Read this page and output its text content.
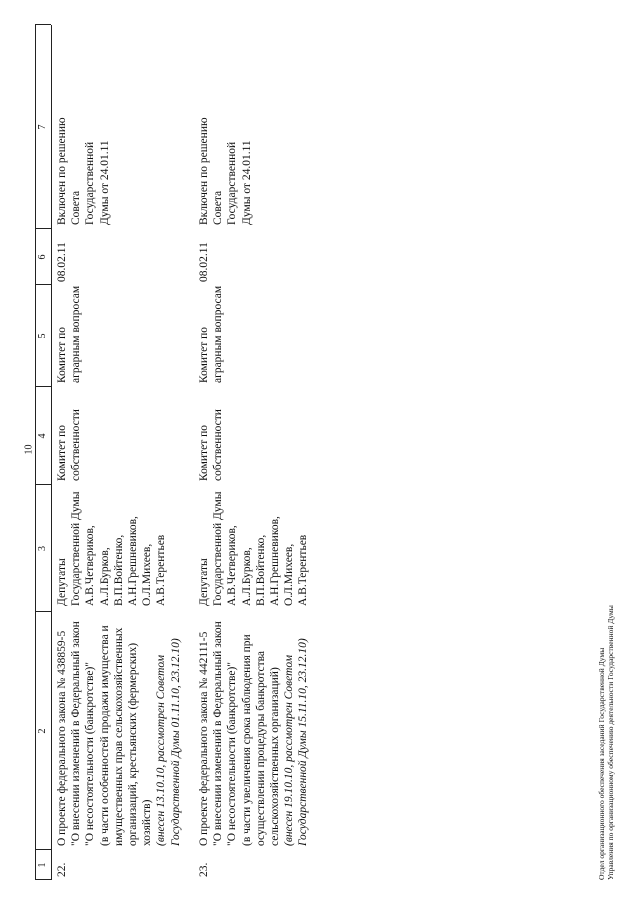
10
1
2
3
4
5
6
7
22.
О проекте федерального закона № 438859-5
"О внесении изменений в Федеральный закон "О несостоятельности (банкротстве)"
(в части особенностей продажи имущества и имущественных прав сельскохозяйственных организаций, крестьянских (фермерских) хозяйств) (внесен 13.10.10, рассмотрен Советом Государственной Думы 01.11.10, 23.12.10)
Депутаты
Государственной Думы
А.В.Четвериков,
А.Л.Бурков,
В.П.Войтенко,
А.Н.Грешневиков,
О.Л.Михеев,
А.В.Терентьев
Комитет по собственности
Комитет по аграрным вопросам
08.02.11
Включен по решению Совета Государственной Думы от 24.01.11
23.
О проекте федерального закона № 442111-5
"О внесении изменений в Федеральный закон "О несостоятельности (банкротстве)"
(в части увеличения срока наблюдения при осуществлении процедуры банкротства сельскохозяйственных организаций) (внесен 19.10.10, рассмотрен Советом Государственной Думы 15.11.10, 23.12.10)
Депутаты
Государственной Думы
А.В.Четвериков,
А.Л.Бурков,
В.П.Войтенко,
А.Н.Грешневиков,
О.Л.Михеев,
А.В.Терентьев
Комитет по собственности
Комитет по аграрным вопросам
08.02.11
Включен по решению Совета Государственной Думы от 24.01.11
Отдел организационного обеспечения заседаний Государственной Думы Управления по организационному обеспечению деятельности Государственной Думы
